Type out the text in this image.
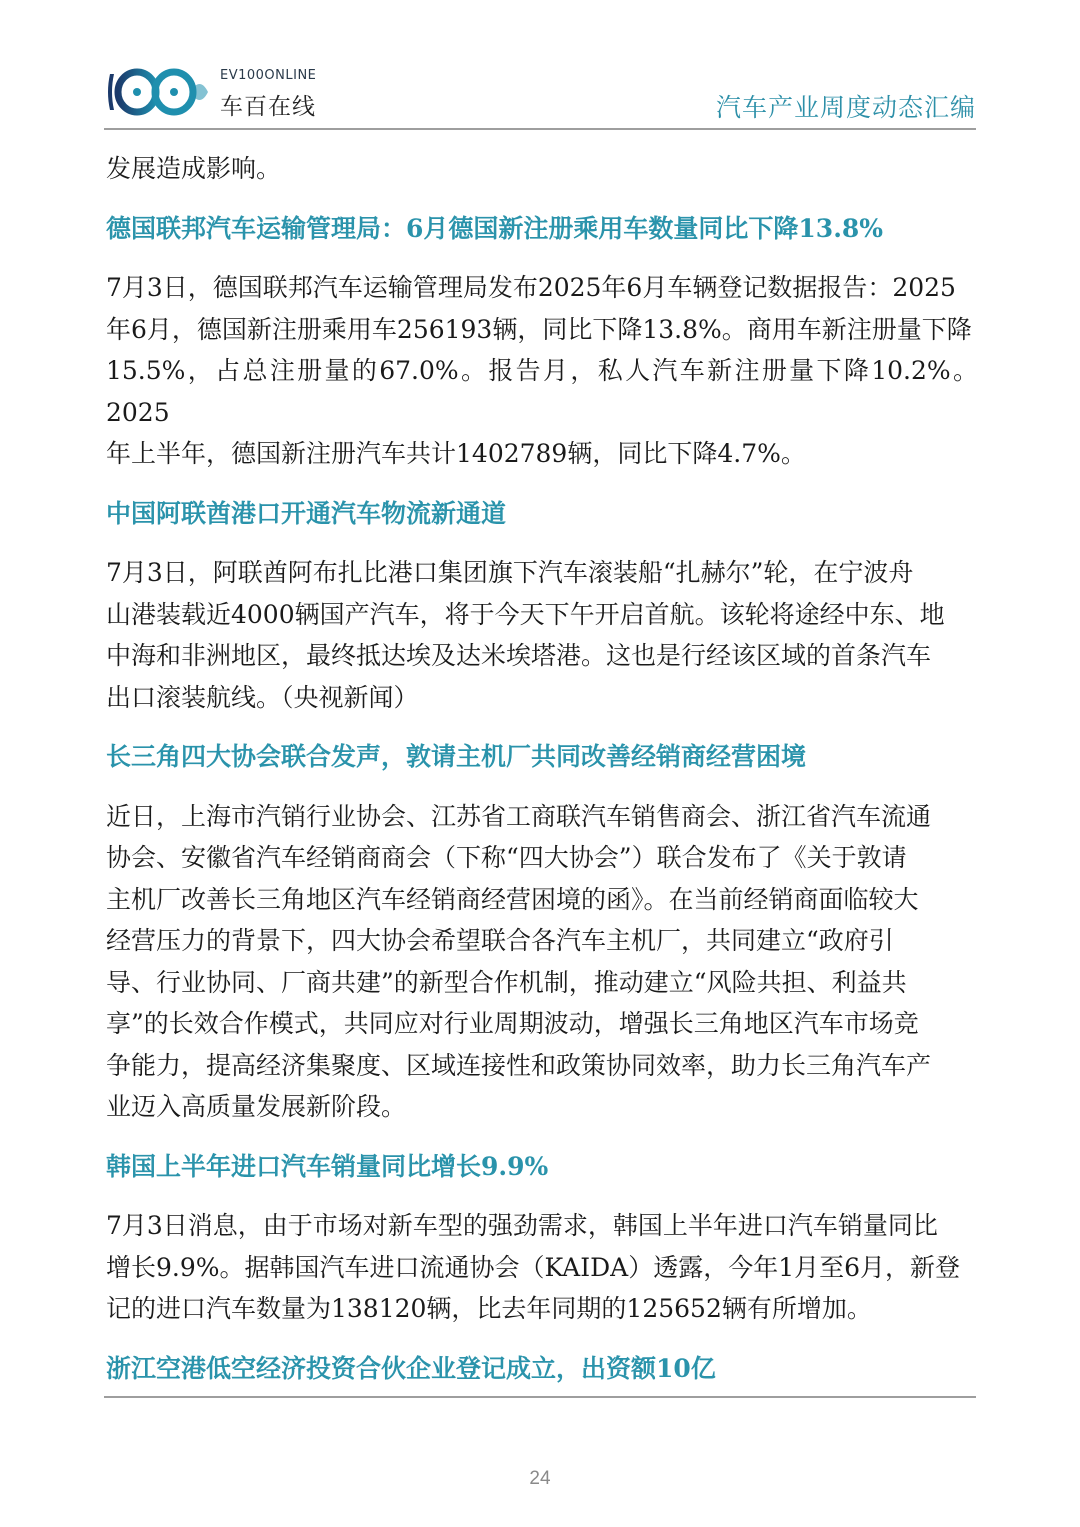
EV100ONLINE
车百在线	汽车产业周度动态汇编

发展造成影响。

德国联邦汽车运输管理局：6月德国新注册乘用车数量同比下降13.8%

7月3日，德国联邦汽车运输管理局发布2025年6月车辆登记数据报告：2025

年6月，德国新注册乘用车256193辆，同比下降13.8%。商用车新注册量下降

15.5%，占总注册量的67.0%。报告月，私人汽车新注册量下降10.2%。2025

年上半年，德国新注册汽车共计1402789辆，同比下降4.7%。

中国阿联酋港口开通汽车物流新通道

7月3日，阿联酋阿布扎比港口集团旗下汽车滚装船“扎赫尔”轮，在宁波舟

山港装载近4000辆国产汽车，将于今天下午开启首航。该轮将途经中东、地

中海和非洲地区，最终抵达埃及达米埃塔港。这也是行经该区域的首条汽车

出口滚装航线。（央视新闻）

长三角四大协会联合发声，敦请主机厂共同改善经销商经营困境

近日，上海市汽销行业协会、江苏省工商联汽车销售商会、浙江省汽车流通

协会、安徽省汽车经销商商会（下称“四大协会”）联合发布了《关于敦请

主机厂改善长三角地区汽车经销商经营困境的函》。在当前经销商面临较大

经营压力的背景下，四大协会希望联合各汽车主机厂，共同建立“政府引

导、行业协同、厂商共建”的新型合作机制，推动建立“风险共担、利益共

享”的长效合作模式，共同应对行业周期波动，增强长三角地区汽车市场竞

争能力，提高经济集聚度、区域连接性和政策协同效率，助力长三角汽车产

业迈入高质量发展新阶段。

韩国上半年进口汽车销量同比增长9.9%

7月3日消息，由于市场对新车型的强劲需求，韩国上半年进口汽车销量同比

增长9.9%。据韩国汽车进口流通协会（KAIDA）透露，今年1月至6月，新登

记的进口汽车数量为138120辆，比去年同期的125652辆有所增加。

浙江空港低空经济投资合伙企业登记成立，出资额10亿

24
